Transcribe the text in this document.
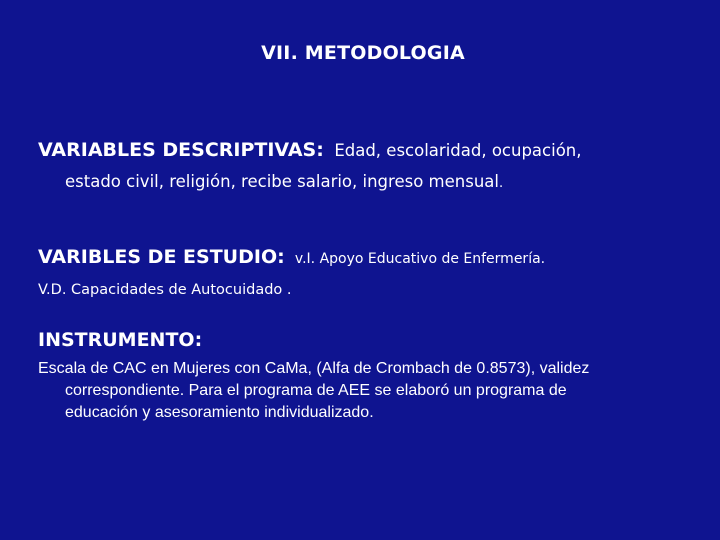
VII. METODOLOGIA
VARIABLES DESCRIPTIVAS: Edad, escolaridad, ocupación,
estado civil, religión, recibe salario, ingreso mensual.
VARIBLES DE ESTUDIO: v.I. Apoyo Educativo de Enfermería.
V.D. Capacidades de Autocuidado .
INSTRUMENTO:
Escala de CAC en Mujeres con CaMa, (Alfa de Crombach de 0.8573), validez
correspondiente. Para el programa de AEE se elaboró un programa de
educación y asesoramiento individualizado.
